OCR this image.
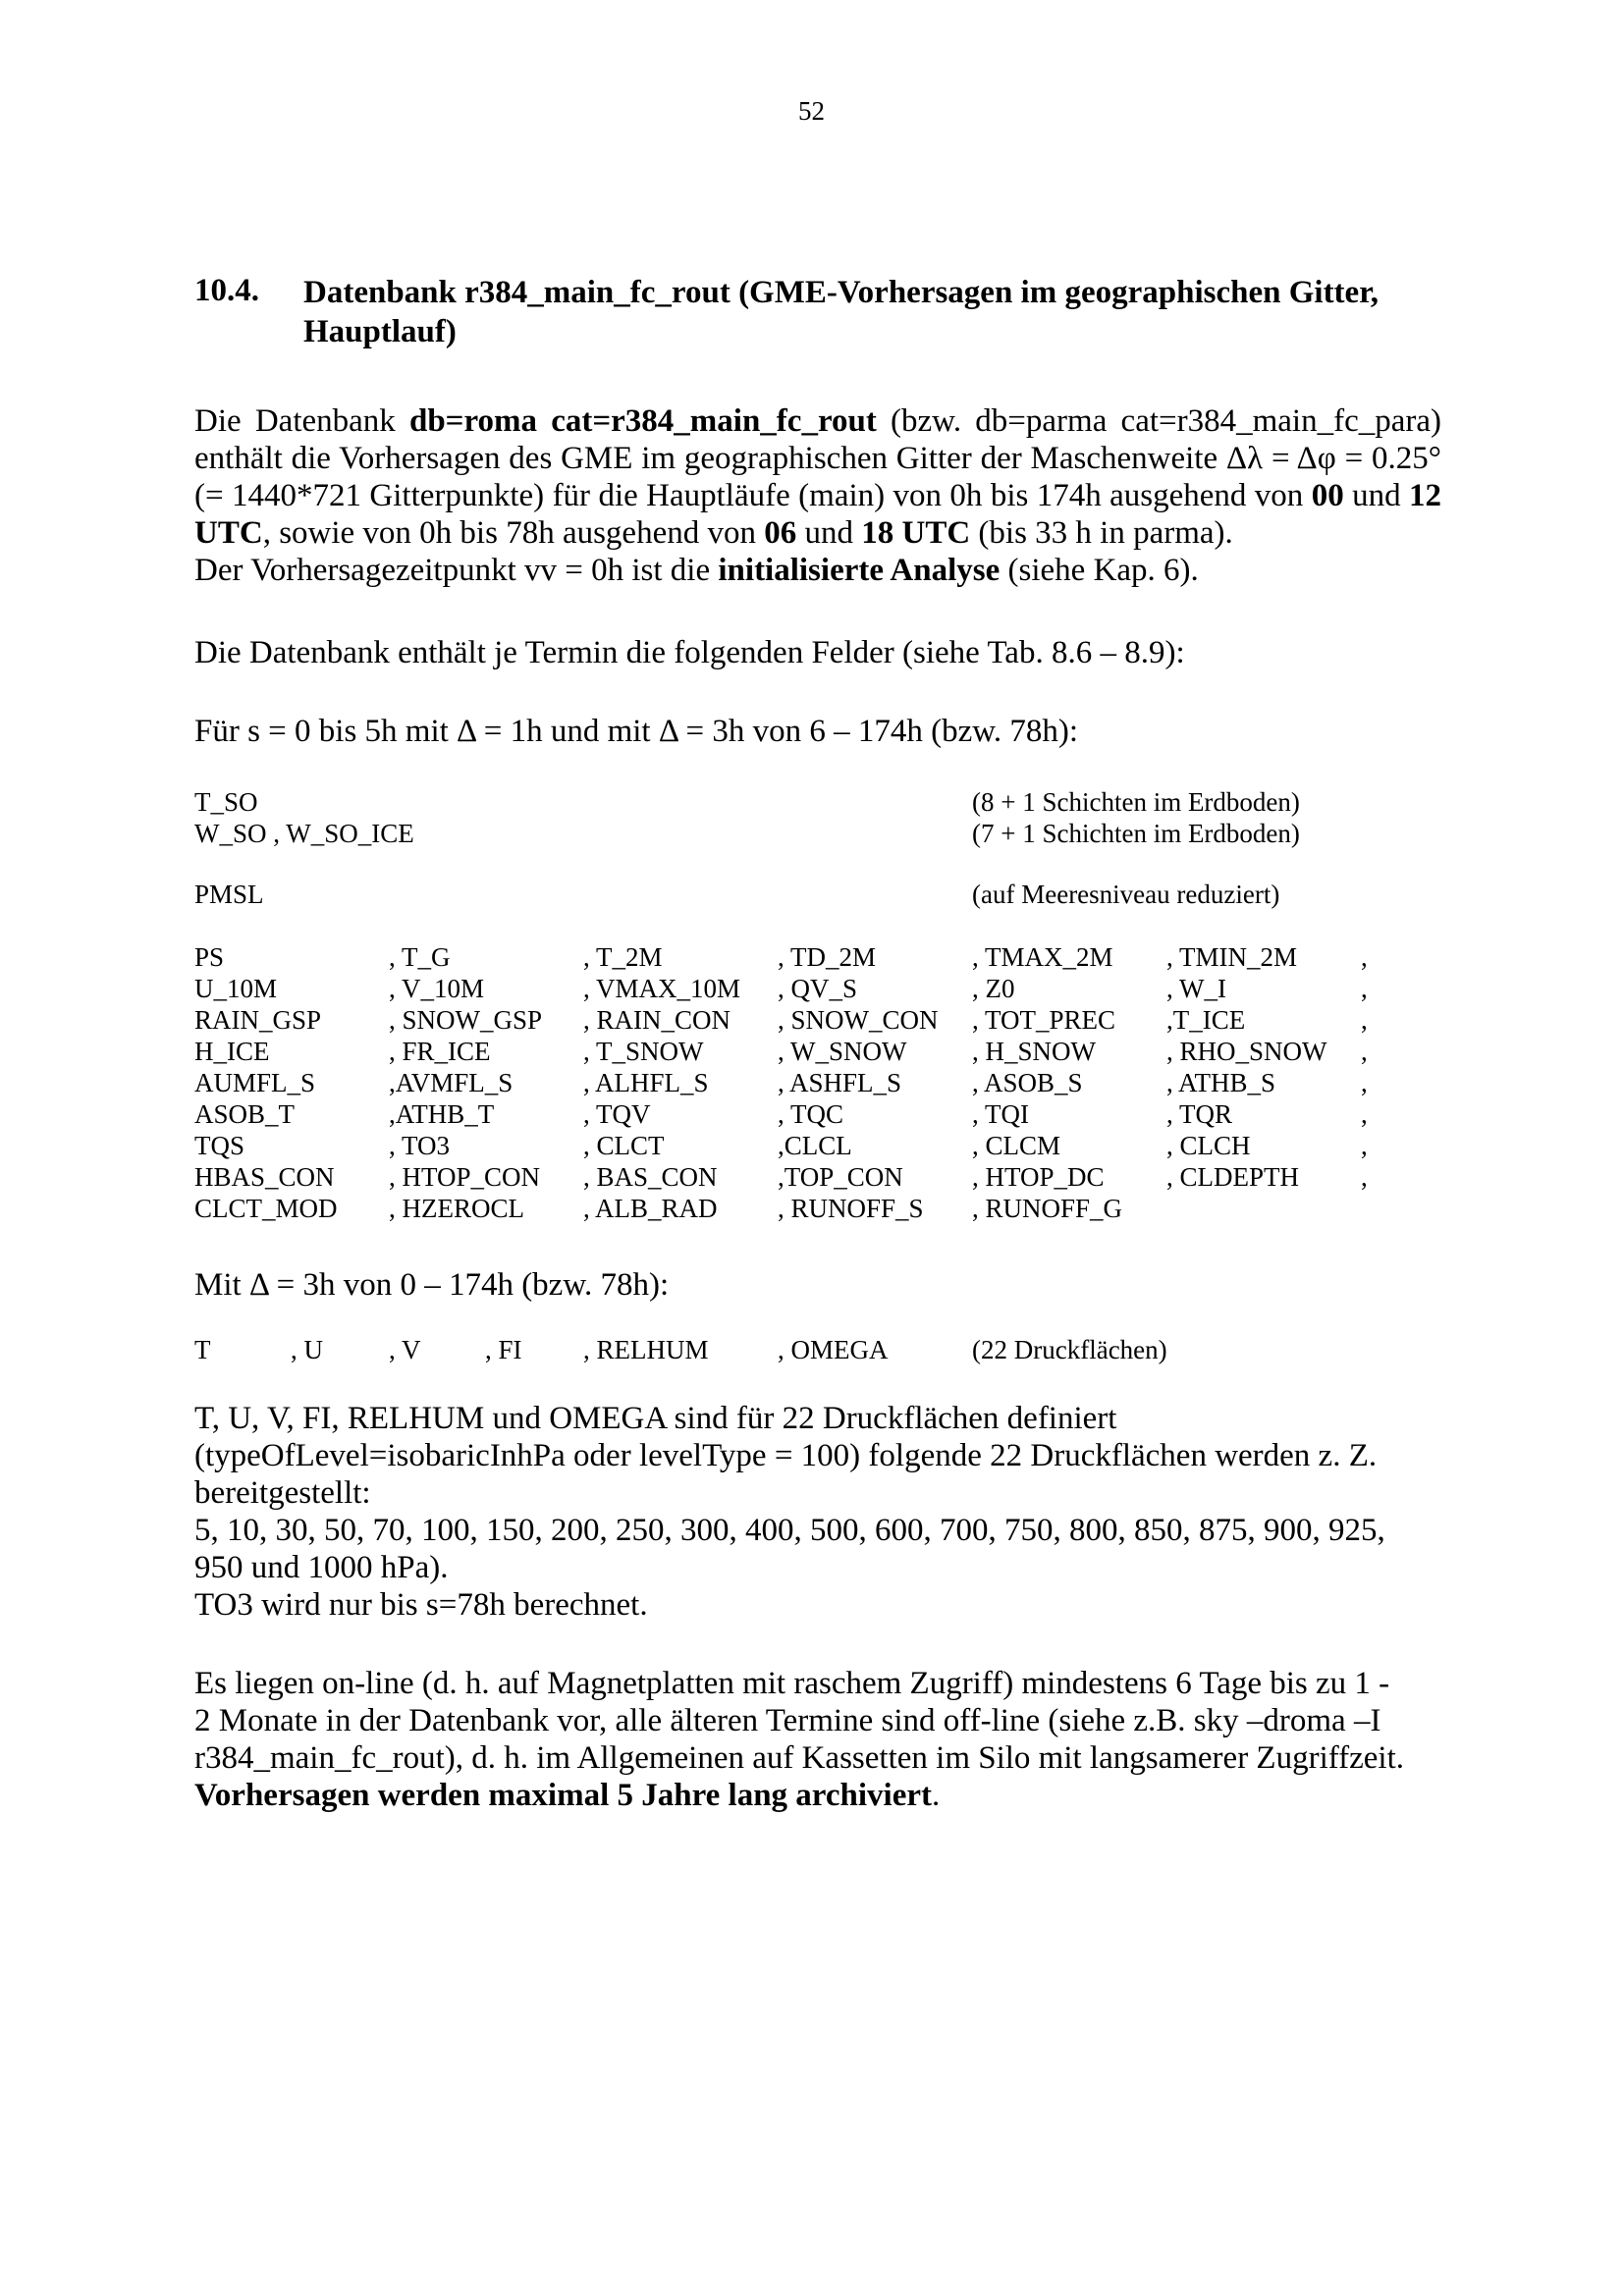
52
10.4. Datenbank r384_main_fc_rout (GME-Vorhersagen im geographischen Gitter, Hauptlauf)
Die Datenbank db=roma cat=r384_main_fc_rout (bzw. db=parma cat=r384_main_fc_para) enthält die Vorhersagen des GME im geographischen Gitter der Maschenweite Δλ = Δφ = 0.25° (= 1440*721 Gitterpunkte) für die Hauptläufe (main) von 0h bis 174h ausgehend von 00 und 12 UTC, sowie von 0h bis 78h ausgehend von 06 und 18 UTC (bis 33 h in parma).
Der Vorhersagezeitpunkt vv = 0h ist die initialisierte Analyse (siehe Kap. 6).
Die Datenbank enthält je Termin die folgenden Felder (siehe Tab. 8.6 – 8.9):
Für s = 0 bis 5h mit Δ = 1h und mit Δ = 3h von 6 – 174h (bzw. 78h):
T_SO	(8 + 1 Schichten im Erdboden)
W_SO , W_SO_ICE	(7 + 1 Schichten im Erdboden)
PMSL	(auf Meeresniveau reduziert)
PS	, T_G	, T_2M	, TD_2M	, TMAX_2M , TMIN_2M ,
U_10M	, V_10M	, VMAX_10M , QV_S	, Z0	, W_I	,
RAIN_GSP	, SNOW_GSP , RAIN_CON , SNOW_CON , TOT_PREC ,T_ICE	,
H_ICE	, FR_ICE	, T_SNOW	, W_SNOW , H_SNOW	, RHO_SNOW ,
AUMFL_S	,AVMFL_S	, ALHFL_S	, ASHFL_S	, ASOB_S	, ATHB_S	,
ASOB_T	,ATHB_T	, TQV	, TQC	, TQI	, TQR	,
TQS	, TO3	, CLCT	,CLCL	, CLCM	, CLCH	,
HBAS_CON , HTOP_CON , BAS_CON ,TOP_CON	, HTOP_DC , CLDEPTH ,
CLCT_MOD , HZEROCL , ALB_RAD , RUNOFF_S , RUNOFF_G
Mit Δ = 3h von 0 – 174h (bzw. 78h):
T	, U , V , FI , RELHUM	, OMEGA	(22 Druckflächen)
T, U, V, FI, RELHUM und OMEGA sind für 22 Druckflächen definiert
(typeOfLevel=isobaricInhPa oder levelType = 100) folgende 22 Druckflächen werden z. Z.
bereitgestellt:
5, 10, 30, 50, 70, 100, 150, 200, 250, 300, 400, 500, 600, 700, 750, 800, 850, 875, 900, 925,
950 und 1000 hPa).
TO3 wird nur bis s=78h berechnet.
Es liegen on-line (d. h. auf Magnetplatten mit raschem Zugriff) mindestens 6 Tage bis zu 1 -
2 Monate in der Datenbank vor, alle älteren Termine sind off-line (siehe z.B. sky –droma –I
r384_main_fc_rout), d. h. im Allgemeinen auf Kassetten im Silo mit langsamerer Zugriffzeit.
Vorhersagen werden maximal 5 Jahre lang archiviert.
